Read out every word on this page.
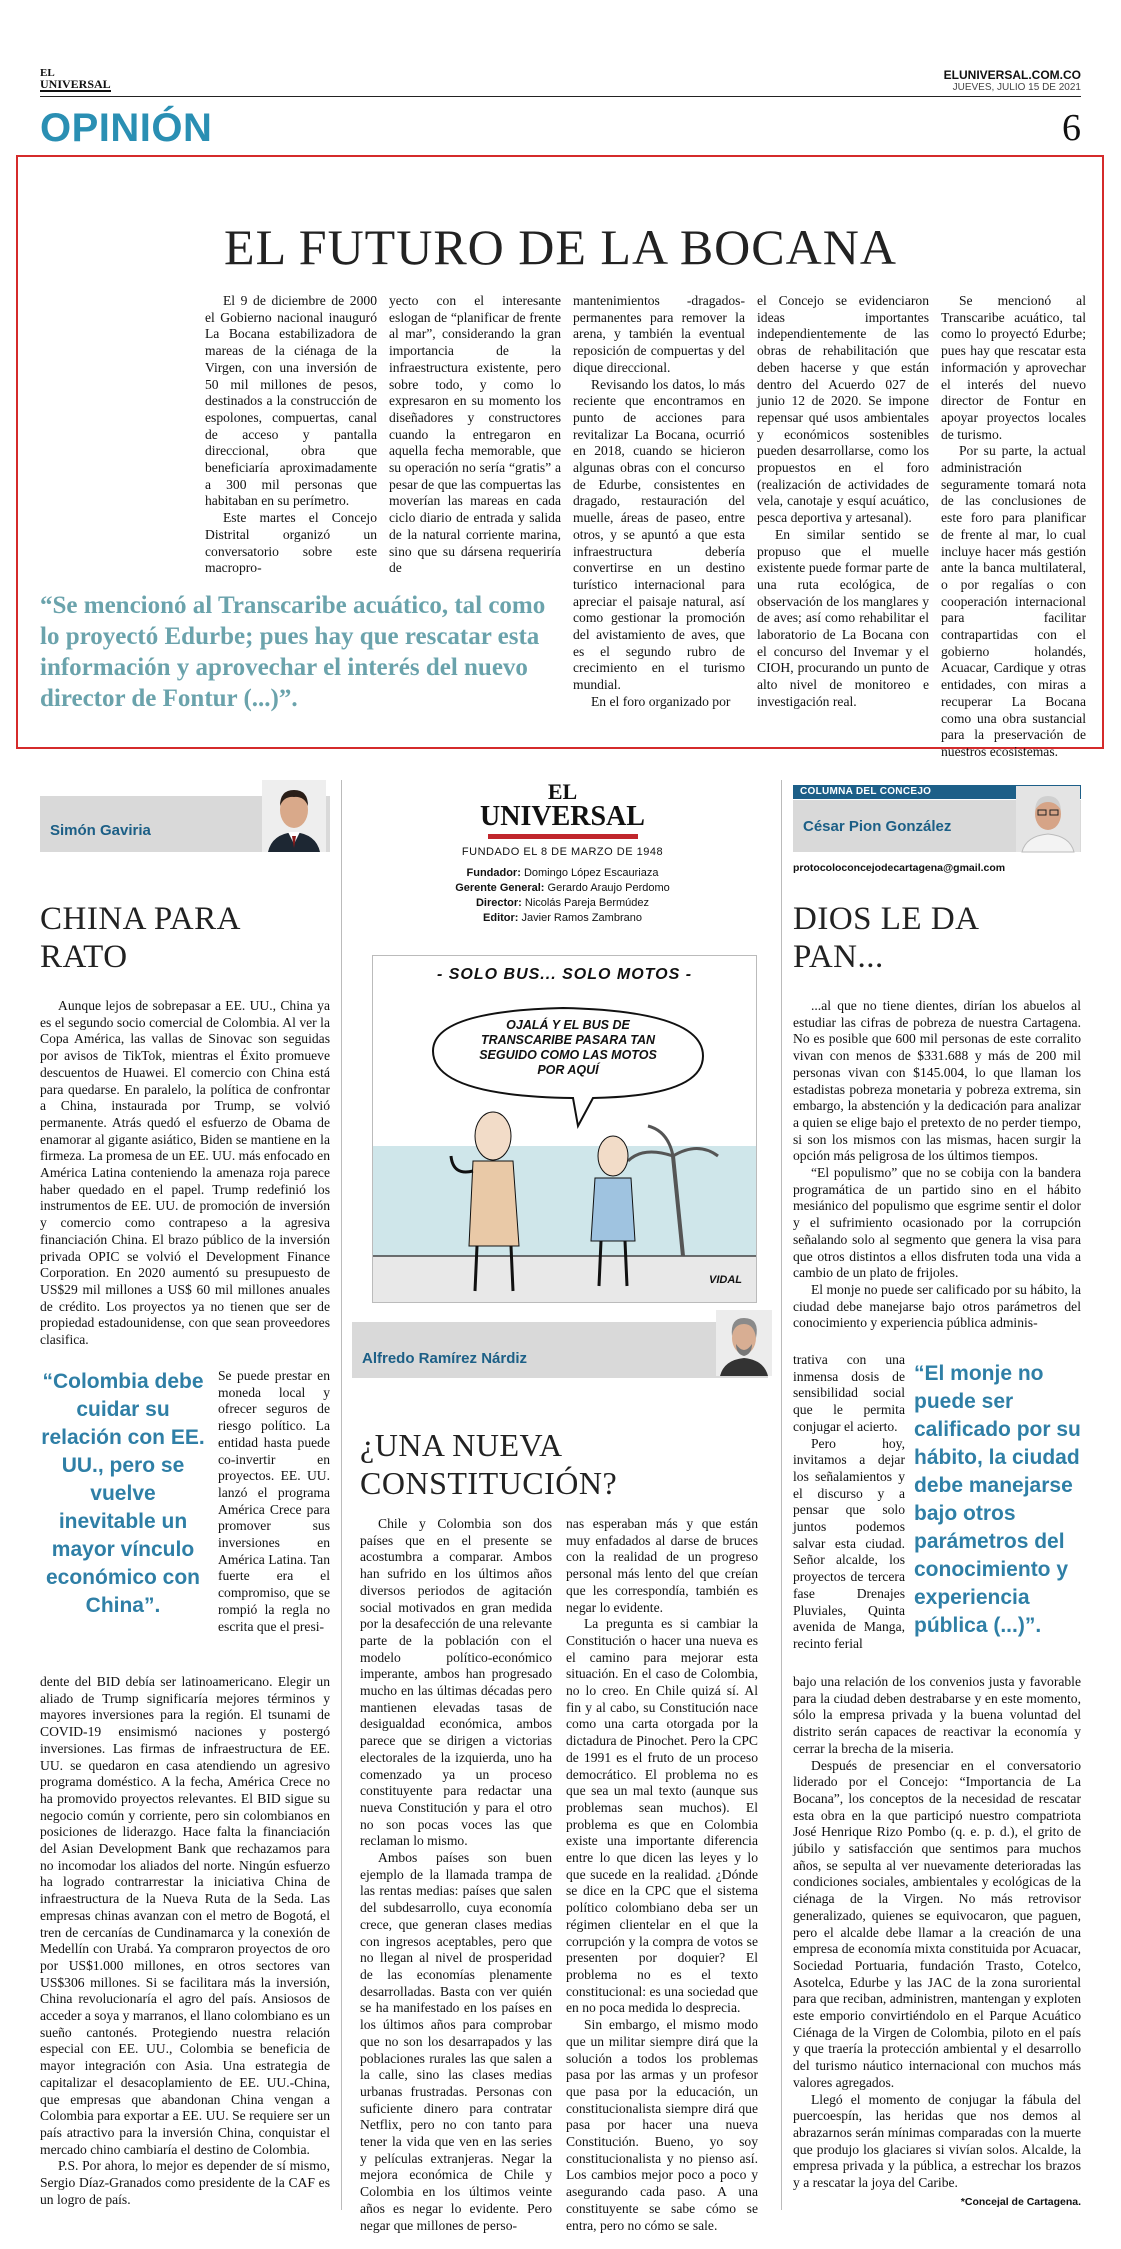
EL
UNIVERSAL
ELUNIVERSAL.COM.CO
JUEVES, JULIO 15 DE 2021
OPINIÓN	6
EL FUTURO DE LA BOCANA

El 9 de diciembre de 2000 el Gobierno nacional inauguró La Bocana estabilizadora de mareas de la ciénaga de la Virgen, con una inversión de 50 mil millones de pesos, destinados a la construcción de espolones, compuertas, canal de acceso y pantalla direccional, obra que beneficiaría aproximadamente a 300 mil personas que habitaban en su perímetro.

Este martes el Concejo Distrital organizó un conversatorio sobre este macropro-

yecto con el interesante eslogan de “planificar de frente al mar”, considerando la gran importancia de la infraestructura existente, pero sobre todo, y como lo expresaron en su momento los diseñadores y constructores cuando la entregaron en aquella fecha memorable, que su operación no sería “gratis” a pesar de que las compuertas las moverían las mareas en cada ciclo diario de entrada y salida de la natural corriente marina, sino que su dársena requeriría de

mantenimientos -dragados- permanentes para remover la arena, y también la eventual reposición de compuertas y del dique direccional.

Revisando los datos, lo más reciente que encontramos en punto de acciones para revitalizar La Bocana, ocurrió en 2018, cuando se hicieron algunas obras con el concurso de Edurbe, consistentes en dragado, restauración del muelle, áreas de paseo, entre otros, y se apuntó a que esta infraestructura debería convertirse en un destino turístico internacional para apreciar el paisaje natural, así como gestionar la promoción del avistamiento de aves, que es el segundo rubro de crecimiento en el turismo mundial.

En el foro organizado por

el Concejo se evidenciaron ideas importantes independientemente de las obras de rehabilitación que deben hacerse y que están dentro del Acuerdo 027 de junio 12 de 2020. Se impone repensar qué usos ambientales y económicos sostenibles pueden desarrollarse, como los propuestos en el foro (realización de actividades de vela, canotaje y esquí acuático, pesca deportiva y artesanal).

En similar sentido se propuso que el muelle existente puede formar parte de una ruta ecológica, de observación de los manglares y de aves; así como rehabilitar el laboratorio de La Bocana con el concurso del Invemar y el CIOH, procurando un punto de alto nivel de monitoreo e investigación real.

Se mencionó al Transcaribe acuático, tal como lo proyectó Edurbe; pues hay que rescatar esta información y aprovechar el interés del nuevo director de Fontur en apoyar proyectos locales de turismo.

Por su parte, la actual administración seguramente tomará nota de las conclusiones de este foro para planificar de frente al mar, lo cual incluye hacer más gestión ante la banca multilateral, o por regalías o con cooperación internacional para facilitar contrapartidas con el gobierno holandés, Acuacar, Cardique y otras entidades, con miras a recuperar La Bocana como una obra sustancial para la preservación de nuestros ecosistemas.

“Se mencionó al Transcaribe acuático, tal como lo proyectó Edurbe; pues hay que rescatar esta información y aprovechar el interés del nuevo director de Fontur (...)”.
Simón Gaviria
CHINA PARA RATO

Aunque lejos de sobrepasar a EE. UU., China ya es el segundo socio comercial de Colombia. Al ver la Copa América, las vallas de Sinovac son seguidas por avisos de TikTok, mientras el Éxito promueve descuentos de Huawei. El comercio con China está para quedarse. En paralelo, la política de confrontar a China, instaurada por Trump, se volvió permanente. Atrás quedó el esfuerzo de Obama de enamorar al gigante asiático, Biden se mantiene en la firmeza. La promesa de un EE. UU. más enfocado en América Latina conteniendo la amenaza roja parece haber quedado en el papel. Trump redefinió los instrumentos de EE. UU. de promoción de inversión y comercio como contrapeso a la agresiva financiación China. El brazo público de la inversión privada OPIC se volvió el Development Finance Corporation. En 2020 aumentó su presupuesto de US$29 mil millones a US$ 60 mil millones anuales de crédito. Los proyectos ya no tienen que ser de propiedad estadounidense, con que sean proveedores clasifica.

“Colombia debe cuidar su relación con EE. UU., pero se vuelve inevitable un mayor vínculo económico con China”.

Se puede prestar en moneda local y ofrecer seguros de riesgo político. La entidad hasta puede co-invertir en proyectos. EE. UU. lanzó el programa América Crece para promover sus inversiones en América Latina. Tan fuerte era el compromiso, que se rompió la regla no escrita que el presi-

dente del BID debía ser latinoamericano. Elegir un aliado de Trump significaría mejores términos y mayores inversiones para la región. El tsunami de COVID-19 ensimismó naciones y postergó inversiones. Las firmas de infraestructura de EE. UU. se quedaron en casa atendiendo un agresivo programa doméstico. A la fecha, América Crece no ha promovido proyectos relevantes. El BID sigue su negocio común y corriente, pero sin colombianos en posiciones de liderazgo. Hace falta la financiación del Asian Development Bank que rechazamos para no incomodar los aliados del norte. Ningún esfuerzo ha logrado contrarrestar la iniciativa China de infraestructura de la Nueva Ruta de la Seda. Las empresas chinas avanzan con el metro de Bogotá, el tren de cercanías de Cundinamarca y la conexión de Medellín con Urabá. Ya compraron proyectos de oro por US$1.000 millones, en otros sectores van US$306 millones. Si se facilitara más la inversión, China revolucionaría el agro del país. Ansiosos de acceder a soya y marranos, el llano colombiano es un sueño cantonés. Protegiendo nuestra relación especial con EE. UU., Colombia se beneficia de mayor integración con Asia. Una estrategia de capitalizar el desacoplamiento de EE. UU.-China, que empresas que abandonan China vengan a Colombia para exportar a EE. UU. Se requiere ser un país atractivo para la inversión China, conquistar el mercado chino cambiaría el destino de Colombia.

P.S. Por ahora, lo mejor es depender de sí mismo, Sergio Díaz-Granados como presidente de la CAF es un logro de país.

EL
UNIVERSAL
FUNDADO EL 8 DE MARZO DE 1948
Fundador: Domingo López Escauriaza
Gerente General: Gerardo Araujo Perdomo
Director: Nicolás Pareja Bermúdez
Editor: Javier Ramos Zambrano
- SOLO BUS... SOLO MOTOS -
OJALÁ Y EL BUS DE TRANSCARIBE PASARA TAN SEGUIDO COMO LAS MOTOS POR AQUÍ
VIDAL
Alfredo Ramírez Nárdiz
¿UNA NUEVA CONSTITUCIÓN?

Chile y Colombia son dos países que en el presente se acostumbra a comparar. Ambos han sufrido en los últimos años diversos periodos de agitación social motivados en gran medida por la desafección de una relevante parte de la población con el modelo político-económico imperante, ambos han progresado mucho en las últimas décadas pero mantienen elevadas tasas de desigualdad económica, ambos parece que se dirigen a victorias electorales de la izquierda, uno ha comenzado ya un proceso constituyente para redactar una nueva Constitución y para el otro no son pocas voces las que reclaman lo mismo.

Ambos países son buen ejemplo de la llamada trampa de las rentas medias: países que salen del subdesarrollo, cuya economía crece, que generan clases medias con ingresos aceptables, pero que no llegan al nivel de prosperidad de las economías plenamente desarrolladas. Basta con ver quién se ha manifestado en los países en los últimos años para comprobar que no son los desarrapados y las poblaciones rurales las que salen a la calle, sino las clases medias urbanas frustradas. Personas con suficiente dinero para contratar Netflix, pero no con tanto para tener la vida que ven en las series y películas extranjeras. Negar la mejora económica de Chile y Colombia en los últimos veinte años es negar lo evidente. Pero negar que millones de perso-

nas esperaban más y que están muy enfadados al darse de bruces con la realidad de un progreso personal más lento del que creían que les correspondía, también es negar lo evidente.

La pregunta es si cambiar la Constitución o hacer una nueva es el camino para mejorar esta situación. En el caso de Colombia, no lo creo. En Chile quizá sí. Al fin y al cabo, su Constitución nace como una carta otorgada por la dictadura de Pinochet. Pero la CPC de 1991 es el fruto de un proceso democrático. El problema no es que sea un mal texto (aunque sus problemas sean muchos). El problema es que en Colombia existe una importante diferencia entre lo que dicen las leyes y lo que sucede en la realidad. ¿Dónde se dice en la CPC que el sistema político colombiano deba ser un régimen clientelar en el que la corrupción y la compra de votos se presenten por doquier? El problema no es el texto constitucional: es una sociedad que en no poca medida lo desprecia.

Sin embargo, el mismo modo que un militar siempre dirá que la solución a todos los problemas pasa por las armas y un profesor que pasa por la educación, un constitucionalista siempre dirá que pasa por hacer una nueva Constitución. Bueno, yo soy constitucionalista y no pienso así. Los cambios mejor poco a poco y asegurando cada paso. A una constituyente se sabe cómo se entra, pero no cómo se sale.

COLUMNA DEL CONCEJO
César Pion González
protocoloconcejodecartagena@gmail.com
DIOS LE DA PAN...

...al que no tiene dientes, dirían los abuelos al estudiar las cifras de pobreza de nuestra Cartagena. No es posible que 600 mil personas de este corralito vivan con menos de $331.688 y más de 200 mil personas vivan con $145.004, lo que llaman los estadistas pobreza monetaria y pobreza extrema, sin embargo, la abstención y la dedicación para analizar a quien se elige bajo el pretexto de no perder tiempo, si son los mismos con las mismas, hacen surgir la opción más peligrosa de los últimos tiempos.

“El populismo” que no se cobija con la bandera programática de un partido sino en el hábito mesiánico del populismo que esgrime sentir el dolor y el sufrimiento ocasionado por la corrupción señalando solo al segmento que genera la visa para que otros distintos a ellos disfruten toda una vida a cambio de un plato de frijoles.

El monje no puede ser calificado por su hábito, la ciudad debe manejarse bajo otros parámetros del conocimiento y experiencia pública adminis-

trativa con una inmensa dosis de sensibilidad social que le permita conjugar el acierto.

Pero hoy, invitamos a dejar los señalamientos y el discurso y a pensar que solo juntos podemos salvar esta ciudad. Señor alcalde, los proyectos de tercera fase Drenajes Pluviales, Quinta avenida de Manga, recinto ferial

“El monje no puede ser calificado por su hábito, la ciudad debe manejarse bajo otros parámetros del conocimiento y experiencia pública (...)”.

bajo una relación de los convenios justa y favorable para la ciudad deben destrabarse y en este momento, sólo la empresa privada y la buena voluntad del distrito serán capaces de reactivar la economía y cerrar la brecha de la miseria.

Después de presenciar en el conversatorio liderado por el Concejo: “Importancia de La Bocana”, los conceptos de la necesidad de rescatar esta obra en la que participó nuestro compatriota José Henrique Rizo Pombo (q. e. p. d.), el grito de júbilo y satisfacción que sentimos para muchos años, se sepulta al ver nuevamente deterioradas las condiciones sociales, ambientales y ecológicas de la ciénaga de la Virgen. No más retrovisor generalizado, quienes se equivocaron, que paguen, pero el alcalde debe llamar a la creación de una empresa de economía mixta constituida por Acuacar, Sociedad Portuaria, fundación Trasto, Cotelco, Asotelca, Edurbe y las JAC de la zona suroriental para que reciban, administren, mantengan y exploten este emporio convirtiéndolo en el Parque Acuático Ciénaga de la Virgen de Colombia, piloto en el país y que traería la protección ambiental y el desarrollo del turismo náutico internacional con muchos más valores agregados.

Llegó el momento de conjugar la fábula del puercoespín, las heridas que nos demos al abrazarnos serán mínimas comparadas con la muerte que produjo los glaciares si vivían solos. Alcalde, la empresa privada y la pública, a estrechar los brazos y a rescatar la joya del Caribe.

*Concejal de Cartagena.
